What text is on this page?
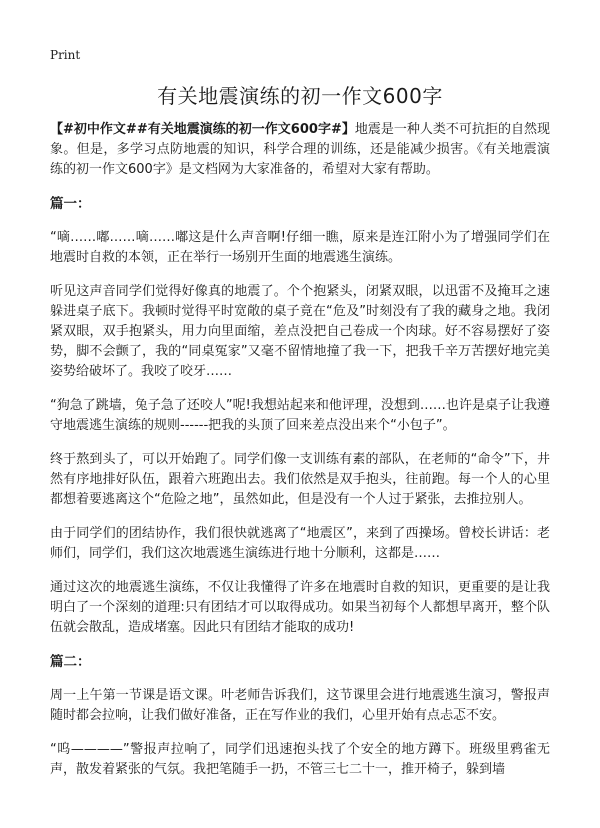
Print
有关地震演练的初一作文600字

【#初中作文##有关地震演练的初一作文600字#】地震是一种人类不可抗拒的自然现象。但是，多学习点防地震的知识，科学合理的训练，还是能减少损害。《有关地震演练的初一作文600字》是文档网为大家准备的，希望对大家有帮助。

篇一：

“嘀……嘟……嘀……嘟这是什么声音啊!仔细一瞧，原来是连江附小为了增强同学们在地震时自救的本领，正在举行一场别开生面的地震逃生演练。

听见这声音同学们觉得好像真的地震了。个个抱紧头，闭紧双眼，以迅雷不及掩耳之速躲进桌子底下。我顿时觉得平时宽敞的桌子竟在“危及”时刻没有了我的藏身之地。我闭紧双眼，双手抱紧头，用力向里面缩，差点没把自己卷成一个肉球。好不容易摆好了姿势，脚不会颤了，我的“同桌冤家”又毫不留情地撞了我一下，把我千辛万苦摆好地完美姿势给破坏了。我咬了咬牙……

“狗急了跳墙，兔子急了还咬人”呢!我想站起来和他评理，没想到……也许是桌子让我遵守地震逃生演练的规则------把我的头顶了回来差点没出来个“小包子”。

终于熬到头了，可以开始跑了。同学们像一支训练有素的部队，在老师的“命令”下，井然有序地排好队伍，跟着六班跑出去。我们依然是双手抱头，往前跑。每一个人的心里都想着要逃离这个“危险之地”，虽然如此，但是没有一个人过于紧张，去推拉别人。

由于同学们的团结协作，我们很快就逃离了“地震区”，来到了西操场。曾校长讲话：老师们，同学们，我们这次地震逃生演练进行地十分顺利，这都是……

通过这次的地震逃生演练，不仅让我懂得了许多在地震时自救的知识，更重要的是让我明白了一个深刻的道理:只有团结才可以取得成功。如果当初每个人都想早离开，整个队伍就会散乱，造成堵塞。因此只有团结才能取的成功!

篇二：

周一上午第一节课是语文课。叶老师告诉我们，这节课里会进行地震逃生演习，警报声随时都会拉响，让我们做好准备，正在写作业的我们，心里开始有点忐忑不安。

“呜————”警报声拉响了，同学们迅速抱头找了个安全的地方蹲下。班级里鸦雀无声，散发着紧张的气氛。我把笔随手一扔，不管三七二十一，推开椅子，躲到墙
